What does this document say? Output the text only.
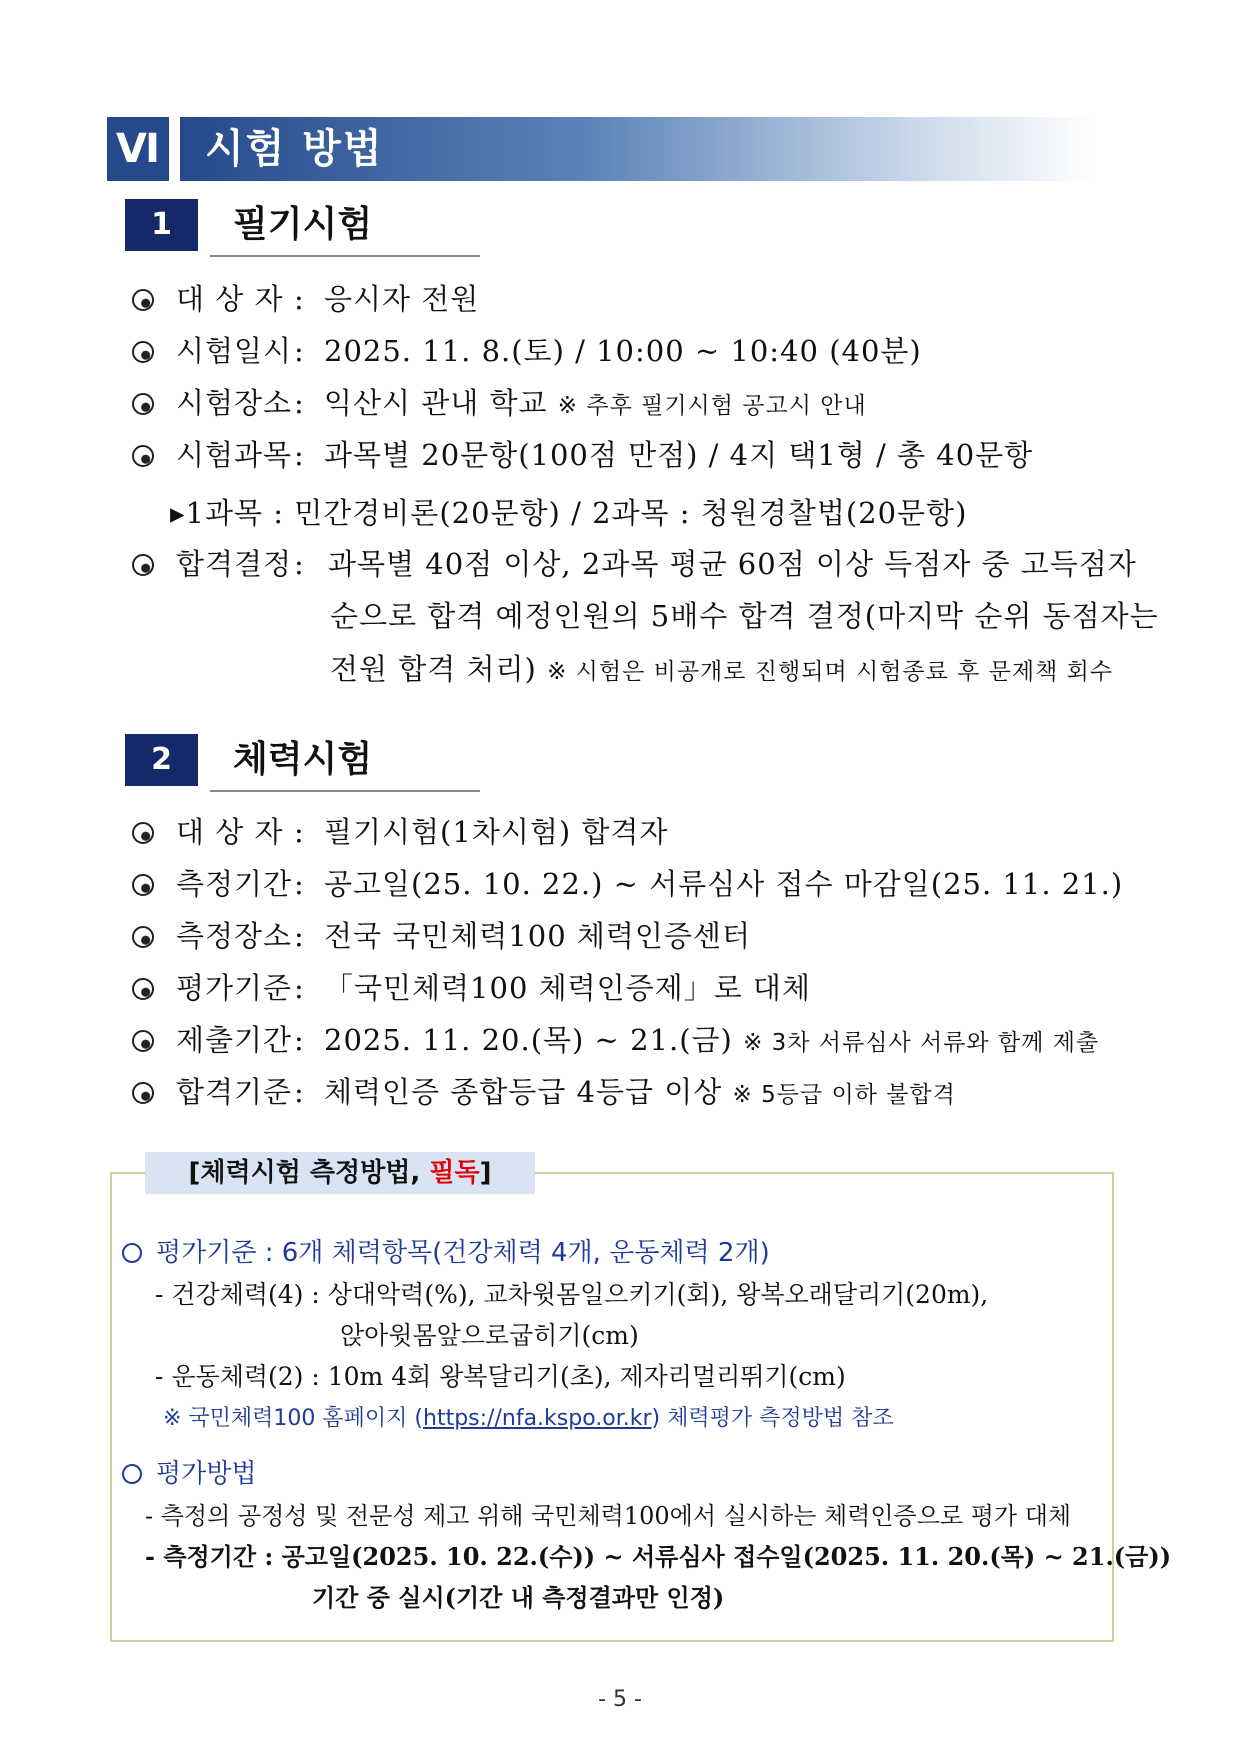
Ⅵ 시험 방법
1	필기시험
대 상 자 : 응시자 전원
시험일시 : 2025. 11. 8.(토) / 10:00 ~ 10:40 (40분)
시험장소 : 익산시 관내 학교 ※ 추후 필기시험 공고시 안내
시험과목 : 과목별 20문항(100점 만점) / 4지 택1형 / 총 40문항
▸1과목 : 민간경비론(20문항) / 2과목 : 청원경찰법(20문항)
합격결정 : 과목별 40점 이상, 2과목 평균 60점 이상 득점자 중 고득점자
순으로 합격 예정인원의 5배수 합격 결정(마지막 순위 동점자는
전원 합격 처리) ※ 시험은 비공개로 진행되며 시험종료 후 문제책 회수
2	체력시험
대 상 자 : 필기시험(1차시험) 합격자
측정기간 : 공고일(25. 10. 22.) ~ 서류심사 접수 마감일(25. 11. 21.)
측정장소 : 전국 국민체력100 체력인증센터
평가기준 : 「국민체력100 체력인증제」로 대체
제출기간 : 2025. 11. 20.(목) ~ 21.(금) ※ 3차 서류심사 서류와 함께 제출
합격기준 : 체력인증 종합등급 4등급 이상 ※ 5등급 이하 불합격
[체력시험 측정방법, 필독]
평가기준 : 6개 체력항목(건강체력 4개, 운동체력 2개)
- 건강체력(4) : 상대악력(%), 교차윗몸일으키기(회), 왕복오래달리기(20m),
앉아윗몸앞으로굽히기(cm)
- 운동체력(2) : 10m 4회 왕복달리기(초), 제자리멀리뛰기(cm)
※ 국민체력100 홈페이지 (https://nfa.kspo.or.kr) 체력평가 측정방법 참조
평가방법
- 측정의 공정성 및 전문성 제고 위해 국민체력100에서 실시하는 체력인증으로 평가 대체
- 측정기간 : 공고일(2025. 10. 22.(수)) ~ 서류심사 접수일(2025. 11. 20.(목) ~ 21.(금))
기간 중 실시(기간 내 측정결과만 인정)
- 5 -
